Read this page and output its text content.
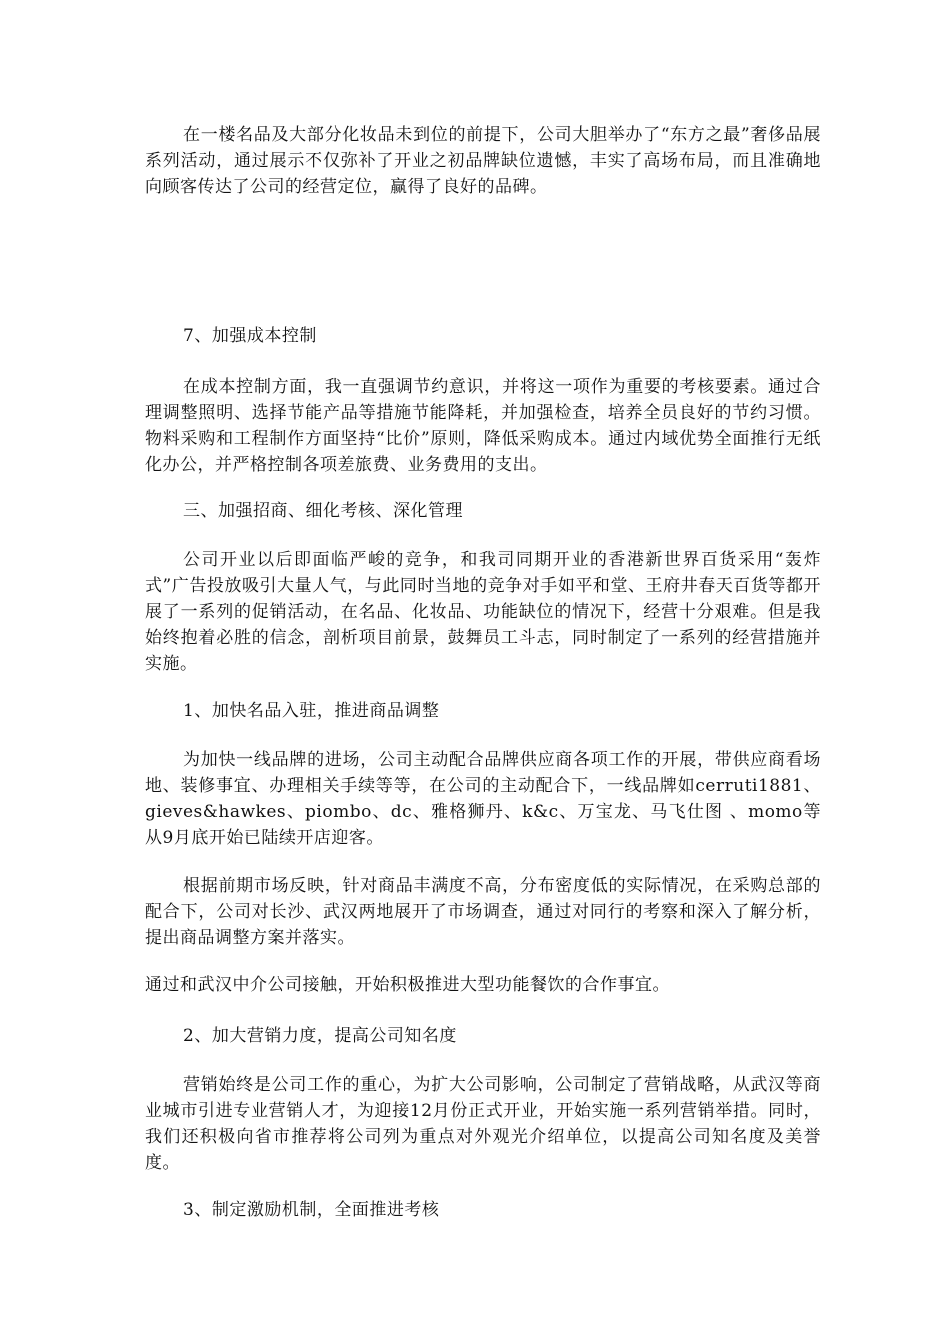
在一楼名品及大部分化妆品未到位的前提下，公司大胆举办了“东方之最”奢侈品展系列活动，通过展示不仅弥补了开业之初品牌缺位遗憾，丰实了高场布局，而且准确地向顾客传达了公司的经营定位，赢得了良好的品碑。

7、加强成本控制

在成本控制方面，我一直强调节约意识，并将这一项作为重要的考核要素。通过合理调整照明、选择节能产品等措施节能降耗，并加强检查，培养全员良好的节约习惯。物料采购和工程制作方面坚持“比价”原则，降低采购成本。通过内域优势全面推行无纸化办公，并严格控制各项差旅费、业务费用的支出。

三、加强招商、细化考核、深化管理

公司开业以后即面临严峻的竞争，和我司同期开业的香港新世界百货采用“轰炸式”广告投放吸引大量人气，与此同时当地的竞争对手如平和堂、王府井春天百货等都开展了一系列的促销活动，在名品、化妆品、功能缺位的情况下，经营十分艰难。但是我始终抱着必胜的信念，剖析项目前景，鼓舞员工斗志，同时制定了一系列的经营措施并实施。

1、加快名品入驻，推进商品调整

为加快一线品牌的进场，公司主动配合品牌供应商各项工作的开展，带供应商看场地、装修事宜、办理相关手续等等，在公司的主动配合下，一线品牌如cerruti1881、gieves&hawkes、piombo、dc、雅格狮丹、k&c、万宝龙、马飞仕图 、momo等从9月底开始已陆续开店迎客。

根据前期市场反映，针对商品丰满度不高，分布密度低的实际情况，在采购总部的配合下，公司对长沙、武汉两地展开了市场调查，通过对同行的考察和深入了解分析，提出商品调整方案并落实。

通过和武汉中介公司接触，开始积极推进大型功能餐饮的合作事宜。

2、加大营销力度，提高公司知名度

营销始终是公司工作的重心，为扩大公司影响，公司制定了营销战略，从武汉等商业城市引进专业营销人才，为迎接12月份正式开业，开始实施一系列营销举措。同时，我们还积极向省市推荐将公司列为重点对外观光介绍单位，以提高公司知名度及美誉度。

3、制定激励机制，全面推进考核
